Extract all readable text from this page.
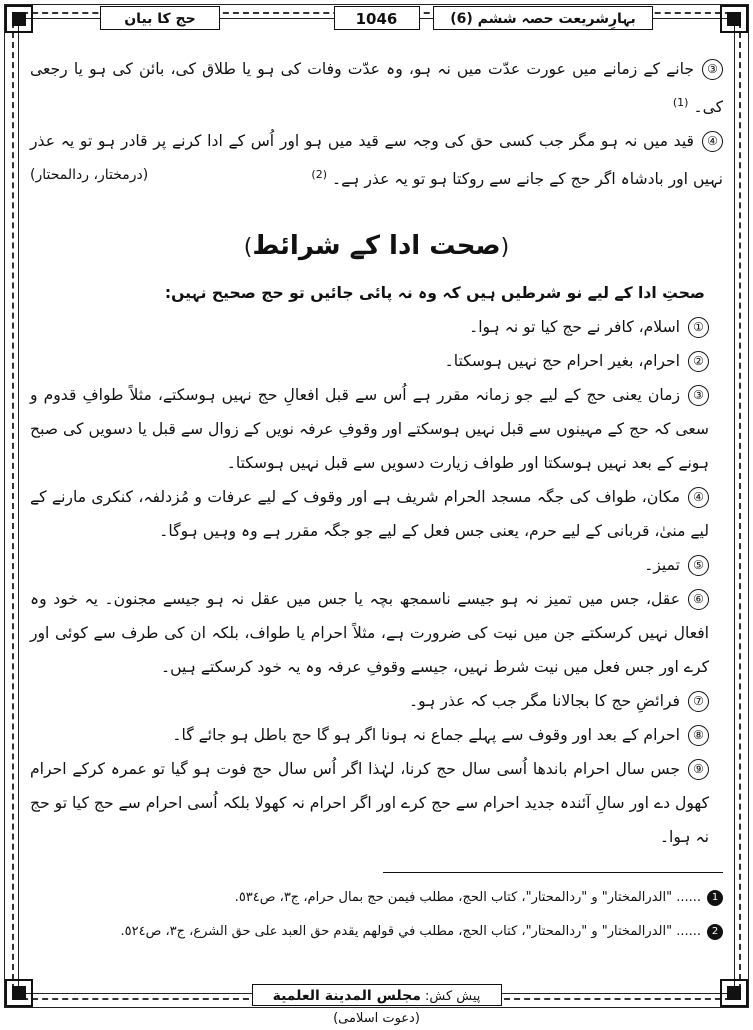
بہارِشریعت حصہ ششم (6)
1046
حج کا بیان

③جانے کے زمانے میں عورت عدّت میں نہ ہو، وہ عدّت وفات کی ہو یا طلاق کی، بائن کی ہو یا رجعی کی۔ $^{(1)}$

④قید میں نہ ہو مگر جب کسی حق کی وجہ سے قید میں ہو اور اُس کے ادا کرنے پر قادر ہو تو یہ عذر نہیں اور بادشاہ اگر حج کے جانے سے روکتا ہو تو یہ عذر ہے۔ $^{(2)}$
(درمختار، ردالمحتار)

(صحت ادا کے شرائط)

صحتِ ادا کے لیے نو شرطیں ہیں کہ وہ نہ پائی جائیں تو حج صحیح نہیں:

①اسلام، کافر نے حج کیا تو نہ ہوا۔

②احرام، بغیر احرام حج نہیں ہوسکتا۔

③زمان یعنی حج کے لیے جو زمانہ مقرر ہے اُس سے قبل افعالِ حج نہیں ہوسکتے، مثلاً طوافِ قدوم و سعی کہ حج کے مہینوں سے قبل نہیں ہوسکتے اور وقوفِ عرفہ نویں کے زوال سے قبل یا دسویں کی صبح ہونے کے بعد نہیں ہوسکتا اور طواف زیارت دسویں سے قبل نہیں ہوسکتا۔

④مکان، طواف کی جگہ مسجد الحرام شریف ہے اور وقوف کے لیے عرفات و مُزدلفہ، کنکری مارنے کے لیے منیٰ، قربانی کے لیے حرم، یعنی جس فعل کے لیے جو جگہ مقرر ہے وہ وہیں ہوگا۔

⑤تمیز۔

⑥عقل، جس میں تمیز نہ ہو جیسے ناسمجھ بچہ یا جس میں عقل نہ ہو جیسے مجنون۔ یہ خود وہ افعال نہیں کرسکتے جن میں نیت کی ضرورت ہے، مثلاً احرام یا طواف، بلکہ ان کی طرف سے کوئی اور کرے اور جس فعل میں نیت شرط نہیں، جیسے وقوفِ عرفہ وہ یہ خود کرسکتے ہیں۔

⑦فرائضِ حج کا بجالانا مگر جب کہ عذر ہو۔

⑧احرام کے بعد اور وقوف سے پہلے جماع نہ ہونا اگر ہو گا حج باطل ہو جائے گا۔

⑨جس سال احرام باندھا اُسی سال حج کرنا، لہٰذا اگر اُس سال حج فوت ہو گیا تو عمرہ کرکے احرام کھول دے اور سالِ آئندہ جدید احرام سے حج کرے اور اگر احرام نہ کھولا بلکہ اُسی احرام سے حج کیا تو حج نہ ہوا۔

1...... "الدرالمختار" و "ردالمحتار"، کتاب الحج، مطلب فیمن حج بمال حرام، ج٣، ص٥٣٤.
2...... "الدرالمختار" و "ردالمحتار"، کتاب الحج، مطلب في قولهم يقدم حق العبد علی حق الشرع، ج٣، ص٥٢٤.
پیش کش: مجلس المدينة العلمية (دعوت اسلامی)
